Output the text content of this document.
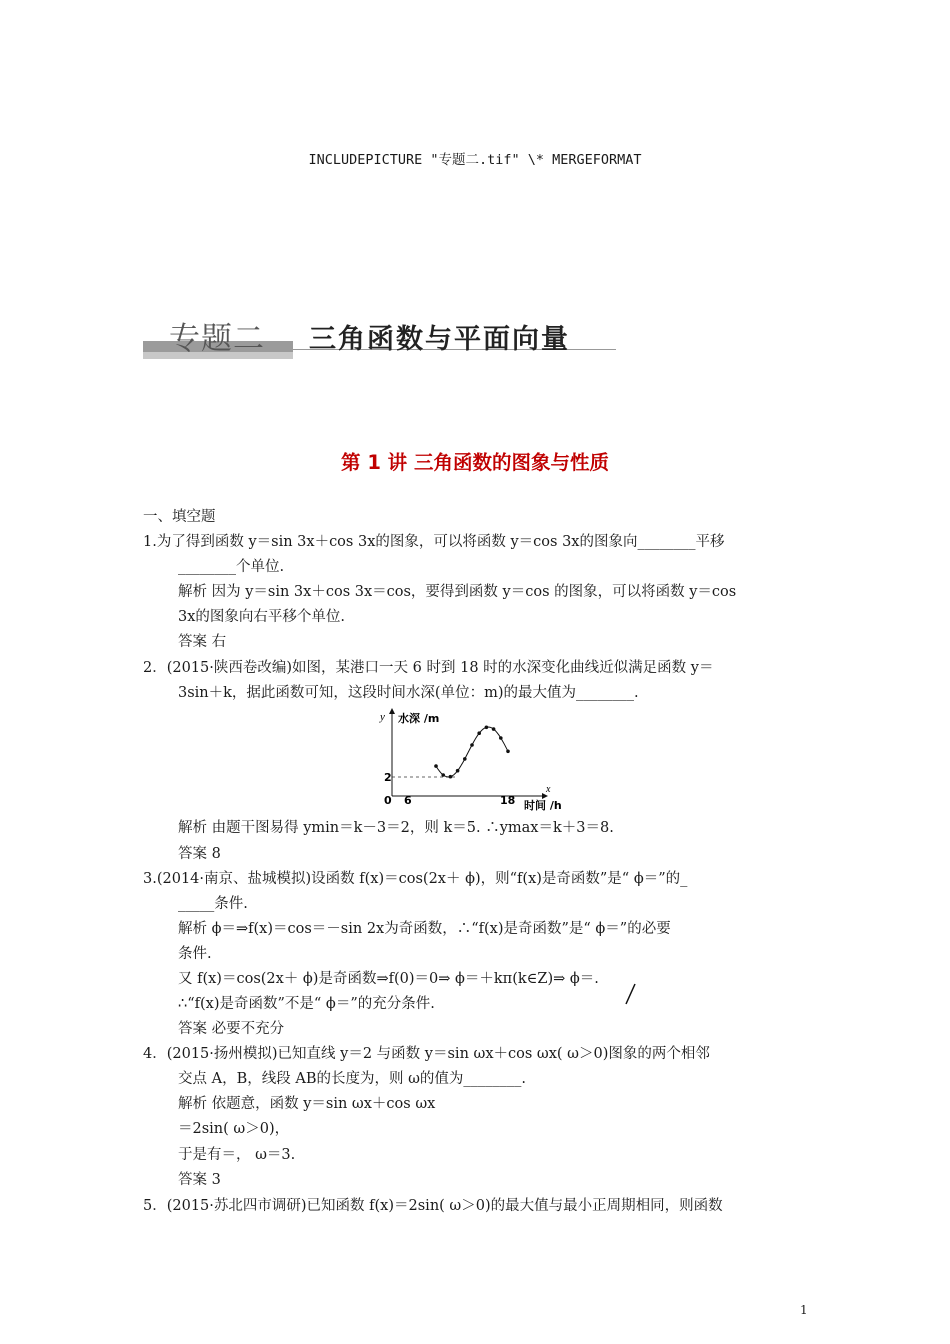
INCLUDEPICTURE "专题二.tif" \* MERGEFORMAT
专题二 三角函数与平面向量
第 1 讲 三角函数的图象与性质
一、填空题
1.为了得到函数 y＝sin 3x＋cos 3x的图象，可以将函数 y＝cos 3x的图象向________平移
________个单位.
解析 因为 y＝sin 3x＋cos 3x＝cos，要得到函数 y＝cos 的图象，可以将函数 y＝cos
3x的图象向右平移个单位.
答案 右
2．(2015·陕西卷改编)如图，某港口一天 6 时到 18 时的水深变化曲线近似满足函数 y＝
3sin＋k，据此函数可知，这段时间水深(单位：m)的最大值为________.
解析 由题干图易得 ymin＝k－3＝2，则 k＝5. ∴ymax＝k＋3＝8.
答案 8
3.(2014·南京、盐城模拟)设函数 f(x)＝cos(2x＋ ϕ)，则“f(x)是奇函数”是“ ϕ＝”的_
_____条件.
解析 ϕ＝⇒f(x)＝cos＝－sin 2x为奇函数，∴“f(x)是奇函数”是“ ϕ＝”的必要
条件.
又 f(x)＝cos(2x＋ ϕ)是奇函数⇒f(0)＝0⇒ ϕ＝＋kπ(k∈Z)⇒ ϕ＝.
∴“f(x)是奇函数”不是“ ϕ＝”的充分条件.
答案 必要不充分
4．(2015·扬州模拟)已知直线 y＝2 与函数 y＝sin ωx＋cos ωx( ω＞0)图象的两个相邻
交点 A，B，线段 AB的长度为，则 ω的值为________.
解析 依题意，函数 y＝sin ωx＋cos ωx
＝2sin( ω＞0)，
于是有＝， ω＝3.
答案 3
5．(2015·苏北四市调研)已知函数 f(x)＝2sin( ω＞0)的最大值与最小正周期相同，则函数
y 水深 /m
x
时间 /h
0
2
6	18
1
